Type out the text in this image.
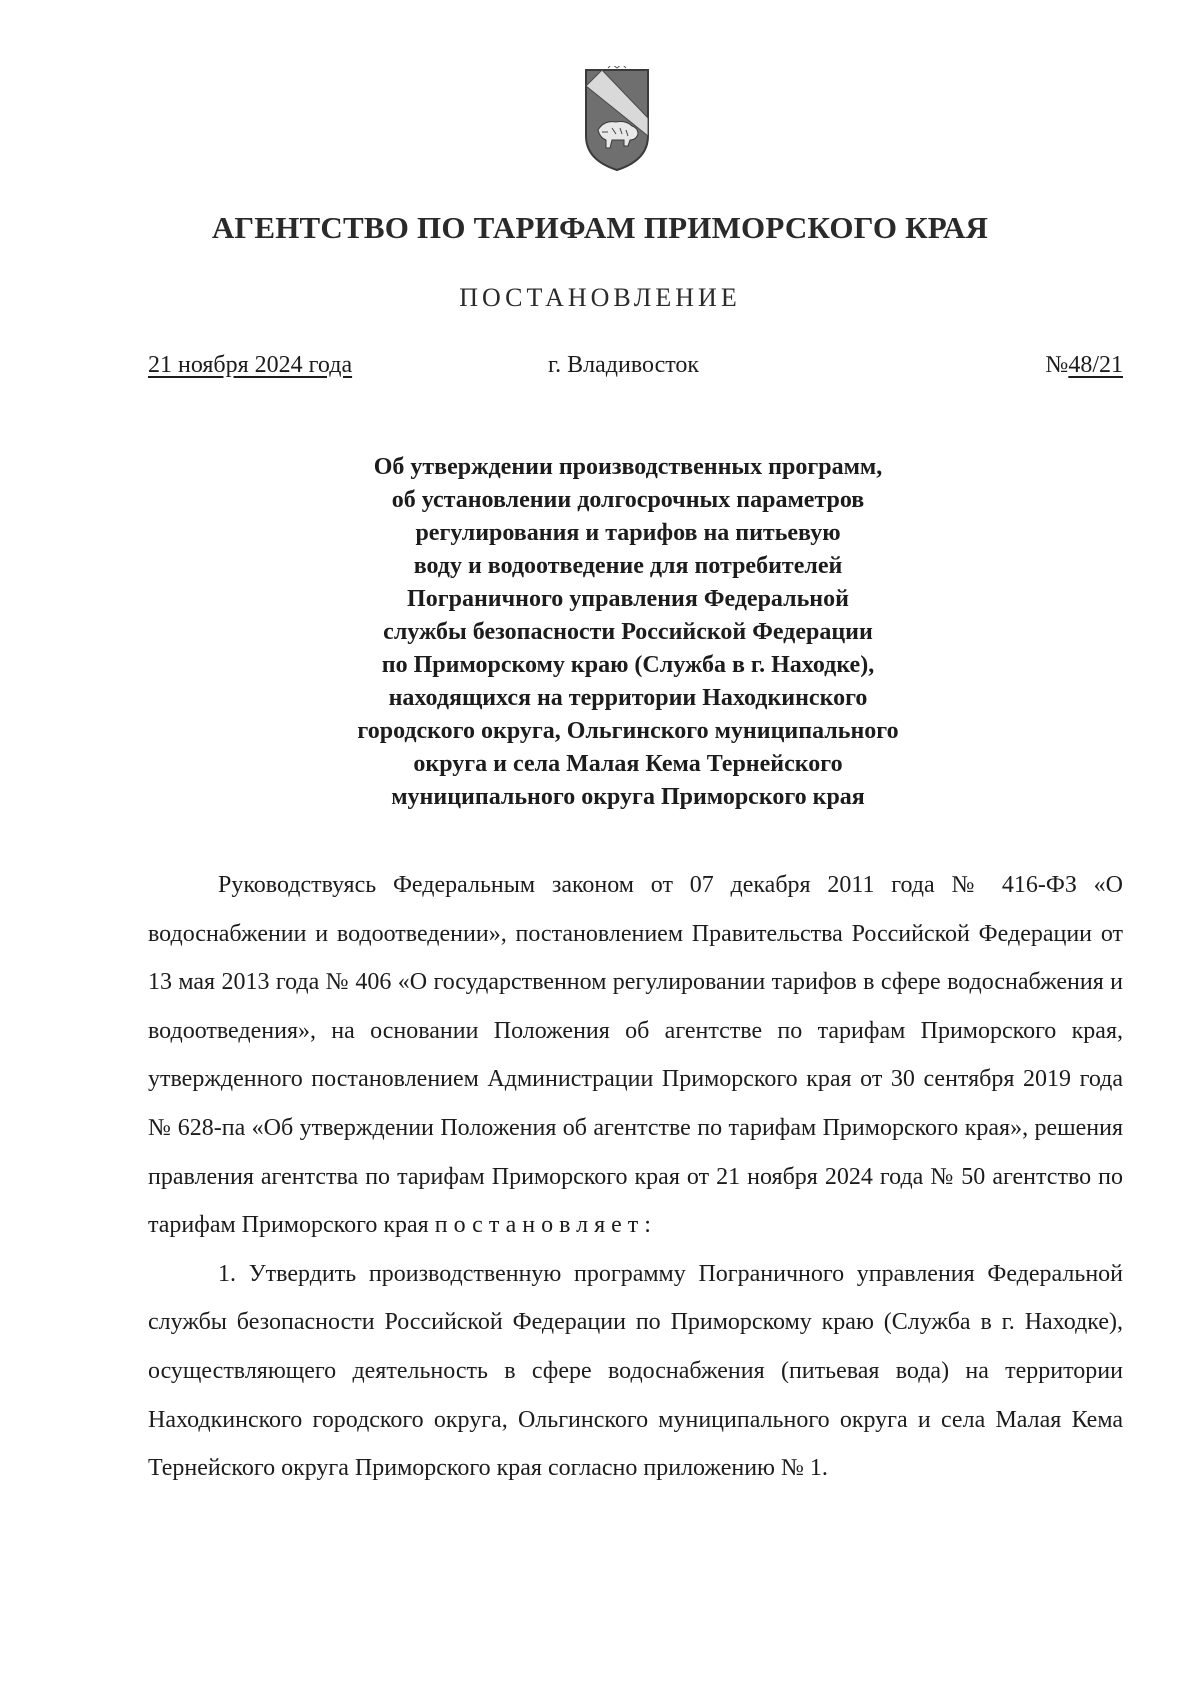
АГЕНТСТВО ПО ТАРИФАМ ПРИМОРСКОГО КРАЯ
ПОСТАНОВЛЕНИЕ
21 ноября 2024 года	г. Владивосток	№48/21
Об утверждении производственных программ,
об установлении долгосрочных параметров
регулирования и тарифов на питьевую
воду и водоотведение для потребителей
Пограничного управления Федеральной
службы безопасности Российской Федерации
по Приморскому краю (Служба в г. Находке),
находящихся на территории Находкинского
городского округа, Ольгинского муниципального
округа и села Малая Кема Тернейского
муниципального округа Приморского края

Руководствуясь Федеральным законом от 07 декабря 2011 года № 416-ФЗ «О водоснабжении и водоотведении», постановлением Правительства Российской Федерации от 13 мая 2013 года № 406 «О государственном регулировании тарифов в сфере водоснабжения и водоотведения», на основании Положения об агентстве по тарифам Приморского края, утвержденного постановлением Администрации Приморского края от 30 сентября 2019 года № 628-па «Об утверждении Положения об агентстве по тарифам Приморского края», решения правления агентства по тарифам Приморского края от 21 ноября 2024 года № 50 агентство по тарифам Приморского края постановляет:

1. Утвердить производственную программу Пограничного управления Федеральной службы безопасности Российской Федерации по Приморскому краю (Служба в г. Находке), осуществляющего деятельность в сфере водоснабжения (питьевая вода) на территории Находкинского городского округа, Ольгинского муниципального округа и села Малая Кема Тернейского округа Приморского края согласно приложению № 1.
